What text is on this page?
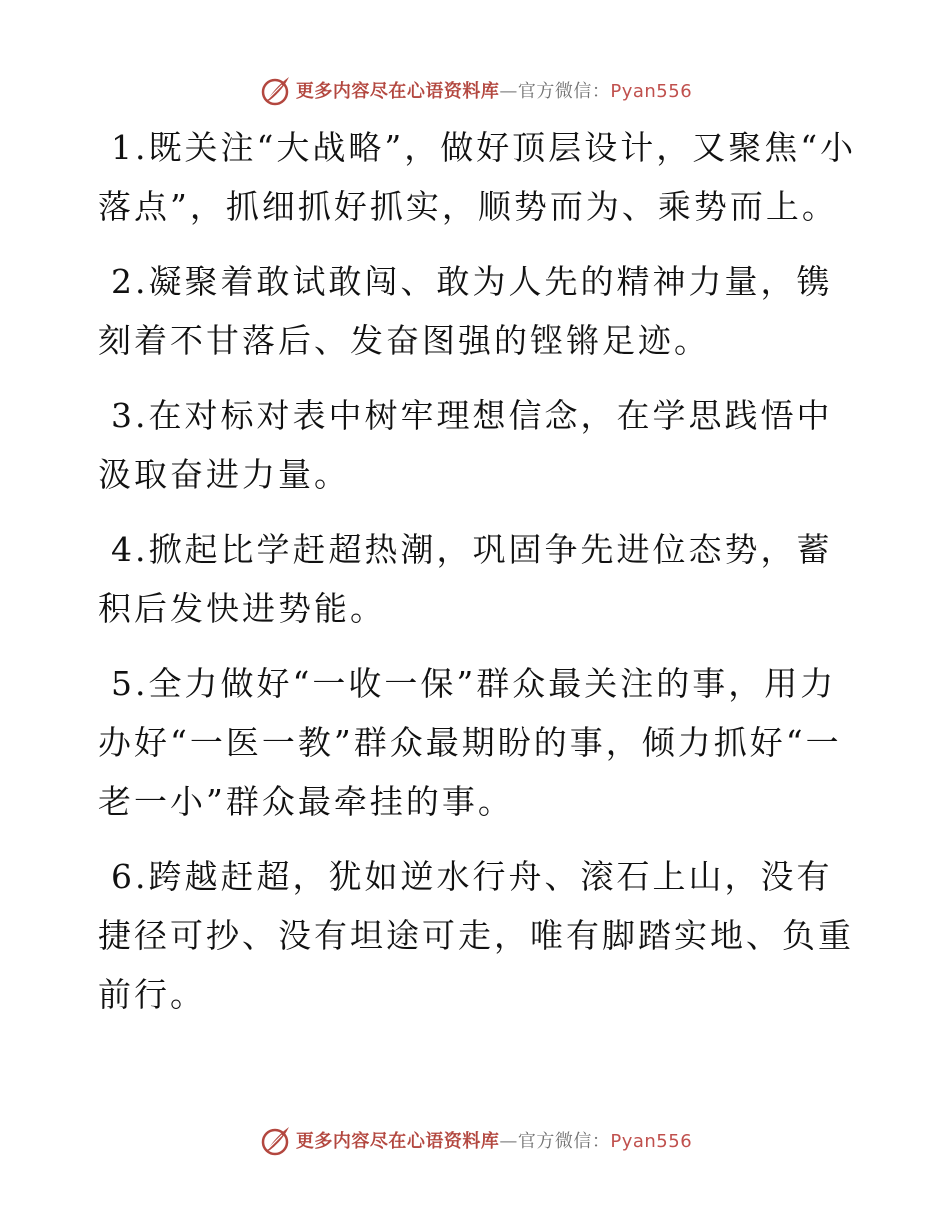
更多内容尽在心语资料库—官方微信：Pyan556

1.既关注“大战略”，做好顶层设计，又聚焦“小落点”，抓细抓好抓实，顺势而为、乘势而上。

2.凝聚着敢试敢闯、敢为人先的精神力量，镌刻着不甘落后、发奋图强的铿锵足迹。

3.在对标对表中树牢理想信念，在学思践悟中汲取奋进力量。

4.掀起比学赶超热潮，巩固争先进位态势，蓄积后发快进势能。

5.全力做好“一收一保”群众最关注的事，用力办好“一医一教”群众最期盼的事，倾力抓好“一老一小”群众最牵挂的事。

6.跨越赶超，犹如逆水行舟、滚石上山，没有捷径可抄、没有坦途可走，唯有脚踏实地、负重前行。

更多内容尽在心语资料库—官方微信：Pyan556
